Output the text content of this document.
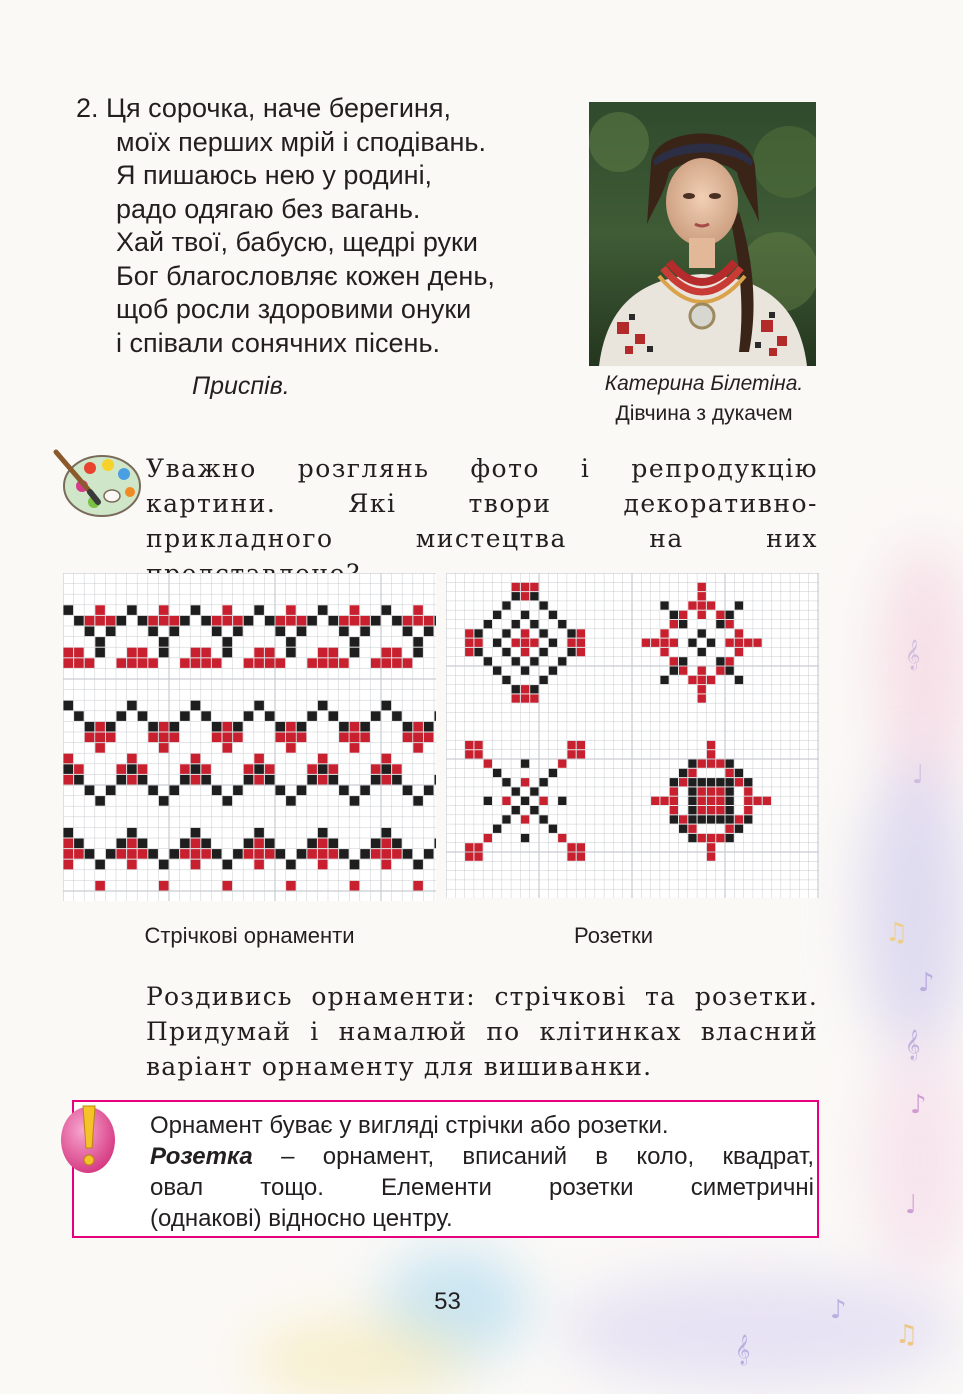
𝄞
♩
♫
♪
𝄞
♪
♩
𝄞	♫
♪
2. Ця сорочка, наче берегиня,
моїх перших мрій і сподівань.
Я пишаюсь нею у родині,
радо одягаю без вагань.
Хай твої, бабусю, щедрі руки
Бог благословляє кожен день,
щоб росли здоровими онуки
і співали сонячних пісень.
Приспів.	Катерина Білетіна.
Дівчина з дукачем
Уважно розглянь фото і репродукцію картини. Які твори декоративно-прикладного мистецтва на них
Стрічкові орнаменти	Розетки
Роздивись орнаменти: стрічкові та розетки.
Придумай і намалюй по клітинках власний
варіант орнаменту для вишиванки.
Орнамент буває у вигляді стрічки або розетки.
Розетка – орнамент, вписаний в коло, квадрат,
овал тощо. Елементи розетки симетричні
(однакові) відносно центру.
53
